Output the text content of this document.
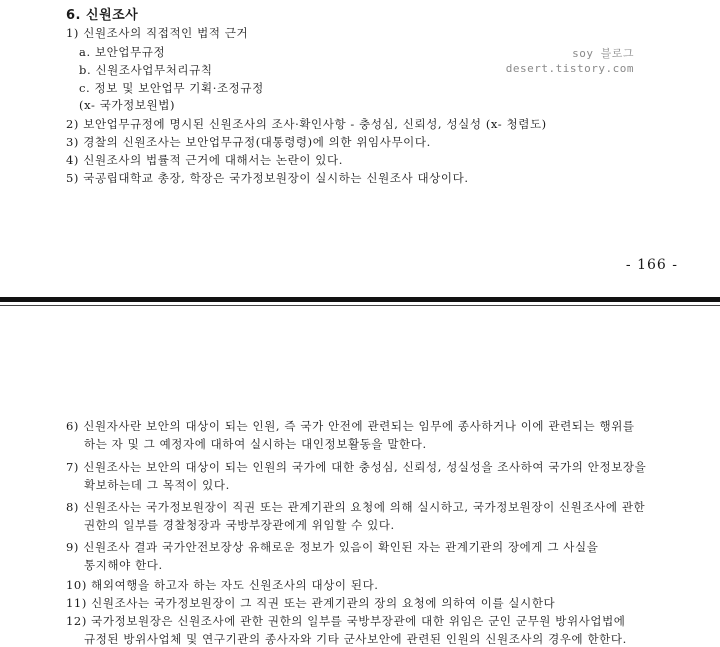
6. 신원조사
1) 신원조사의 직접적인 법적 근거
a. 보안업무규정
b. 신원조사업무처리규칙
c. 정보 및 보안업무 기획·조정규정
(x- 국가정보원법)
2) 보안업무규정에 명시된 신원조사의 조사·확인사항 - 충성심, 신뢰성, 성실성 (x- 청렴도)
3) 경찰의 신원조사는 보안업무규정(대통령령)에 의한 위임사무이다.
4) 신원조사의 법률적 근거에 대해서는 논란이 있다.
5) 국공립대학교 총장, 학장은 국가정보원장이 실시하는 신원조사 대상이다.
soy 블로그
desert.tistory.com
- 166 -
6) 신원자사란 보안의 대상이 되는 인원, 즉 국가 안전에 관련되는 임무에 종사하거나 이에 관련되는 행위를
하는 자 및 그 예정자에 대하여 실시하는 대인정보활동을 말한다.
7) 신원조사는 보안의 대상이 되는 인원의 국가에 대한 충성심, 신뢰성, 성실성을 조사하여 국가의 안정보장을
확보하는데 그 목적이 있다.
8) 신원조사는 국가정보원장이 직권 또는 관계기관의 요청에 의해 실시하고, 국가정보원장이 신원조사에 관한
권한의 일부를 경찰청장과 국방부장관에게 위임할 수 있다.
9) 신원조사 결과 국가안전보장상 유해로운 정보가 있음이 확인된 자는 관계기관의 장에게 그 사실을
통지해야 한다.
10) 해외여행을 하고자 하는 자도 신원조사의 대상이 된다.
11) 신원조사는 국가정보원장이 그 직권 또는 관계기관의 장의 요청에 의하여 이를 실시한다
12) 국가정보원장은 신원조사에 관한 권한의 일부를 국방부장관에 대한 위임은 군인 군무원 방위사업법에
규정된 방위사업체 및 연구기관의 종사자와 기타 군사보안에 관련된 인원의 신원조사의 경우에 한한다.
